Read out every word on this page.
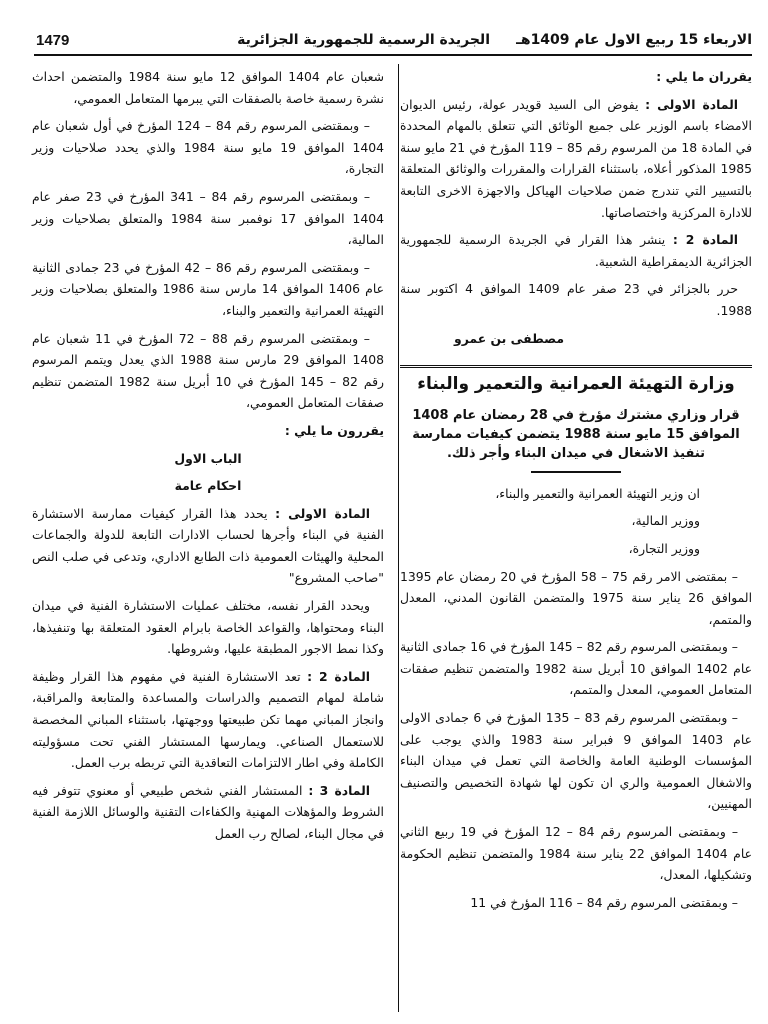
الاربعاء 15 ربيع الاول عام 1409هـ
الجريدة الرسمية للجمهورية الجزائرية
1479

يقرران ما يلي :

المادة الاولى : يفوض الى السيد قويدر عولة، رئيس الديوان الامضاء باسم الوزير على جميع الوثائق التي تتعلق بالمهام المحددة في المادة 18 من المرسوم رقم 85 – 119 المؤرخ في 21 مايو سنة 1985 المذكور أعلاه، باستثناء القرارات والمقررات والوثائق المتعلقة بالتسيير التي تندرج ضمن صلاحيات الهياكل والاجهزة الاخرى التابعة للادارة المركزية واختصاصاتها.

المادة 2 : ينشر هذا القرار في الجريدة الرسمية للجمهورية الجزائرية الديمقراطية الشعبية.

حرر بالجزائر في 23 صفر عام 1409 الموافق 4 اكتوبر سنة 1988.

مصطفى بن عمرو

وزارة التهيئة العمرانية والتعمير والبناء
قرار وزاري مشترك مؤرخ في 28 رمضان عام 1408 الموافق 15 مايو سنة 1988 يتضمن كيفيات ممارسة تنفيذ الاشغال في ميدان البناء وأجر ذلك.

ان وزير التهيئة العمرانية والتعمير والبناء،

ووزير المالية،

ووزير التجارة،

– بمقتضى الامر رقم 75 – 58 المؤرخ في 20 رمضان عام 1395 الموافق 26 يناير سنة 1975 والمتضمن القانون المدني، المعدل والمتمم،

– وبمقتضى المرسوم رقم 82 – 145 المؤرخ في 16 جمادى الثانية عام 1402 الموافق 10 أبريل سنة 1982 والمتضمن تنظيم صفقات المتعامل العمومي، المعدل والمتمم،

– وبمقتضى المرسوم رقم 83 – 135 المؤرخ في 6 جمادى الاولى عام 1403 الموافق 9 فبراير سنة 1983 والذي يوجب على المؤسسات الوطنية العامة والخاصة التي تعمل في ميدان البناء والاشغال العمومية والري ان تكون لها شهادة التخصيص والتصنيف المهنيين،

– وبمقتضى المرسوم رقم 84 – 12 المؤرخ في 19 ربيع الثاني عام 1404 الموافق 22 يناير سنة 1984 والمتضمن تنظيم الحكومة وتشكيلها، المعدل،

– وبمقتضى المرسوم رقم 84 – 116 المؤرخ في 11

شعبان عام 1404 الموافق 12 مايو سنة 1984 والمتضمن احداث نشرة رسمية خاصة بالصفقات التي يبرمها المتعامل العمومي،

– وبمقتضى المرسوم رقم 84 – 124 المؤرخ في أول شعبان عام 1404 الموافق 19 مايو سنة 1984 والذي يحدد صلاحيات وزير التجارة،

– وبمقتضى المرسوم رقم 84 – 341 المؤرخ في 23 صفر عام 1404 الموافق 17 نوفمبر سنة 1984 والمتعلق بصلاحيات وزير المالية،

– وبمقتضى المرسوم رقم 86 – 42 المؤرخ في 23 جمادى الثانية عام 1406 الموافق 14 مارس سنة 1986 والمتعلق بصلاحيات وزير التهيئة العمرانية والتعمير والبناء،

– وبمقتضى المرسوم رقم 88 – 72 المؤرخ في 11 شعبان عام 1408 الموافق 29 مارس سنة 1988 الذي يعدل ويتمم المرسوم رقم 82 – 145 المؤرخ في 10 أبريل سنة 1982 المتضمن تنظيم صفقات المتعامل العمومي،

يقررون ما يلي :

الباب الاول

احكام عامة

المادة الاولى : يحدد هذا القرار كيفيات ممارسة الاستشارة الفنية في البناء وأجرها لحساب الادارات التابعة للدولة والجماعات المحلية والهيئات العمومية ذات الطابع الاداري، وتدعى في صلب النص "صاحب المشروع"

ويحدد القرار نفسه، مختلف عمليات الاستشارة الفنية في ميدان البناء ومحتواها، والقواعد الخاصة بابرام العقود المتعلقة بها وتنفيذها، وكذا نمط الاجور المطبقة عليها، وشروطها.

المادة 2 : تعد الاستشارة الفنية في مفهوم هذا القرار وظيفة شاملة لمهام التصميم والدراسات والمساعدة والمتابعة والمراقبة، وانجاز المباني مهما تكن طبيعتها ووجهتها، باستثناء المباني المخصصة للاستعمال الصناعي. ويمارسها المستشار الفني تحت مسؤوليته الكاملة وفي اطار الالتزامات التعاقدية التي تربطه برب العمل.

المادة 3 : المستشار الفني شخص طبيعي أو معنوي تتوفر فيه الشروط والمؤهلات المهنية والكفاءات التقنية والوسائل اللازمة الفنية في مجال البناء، لصالح رب العمل
